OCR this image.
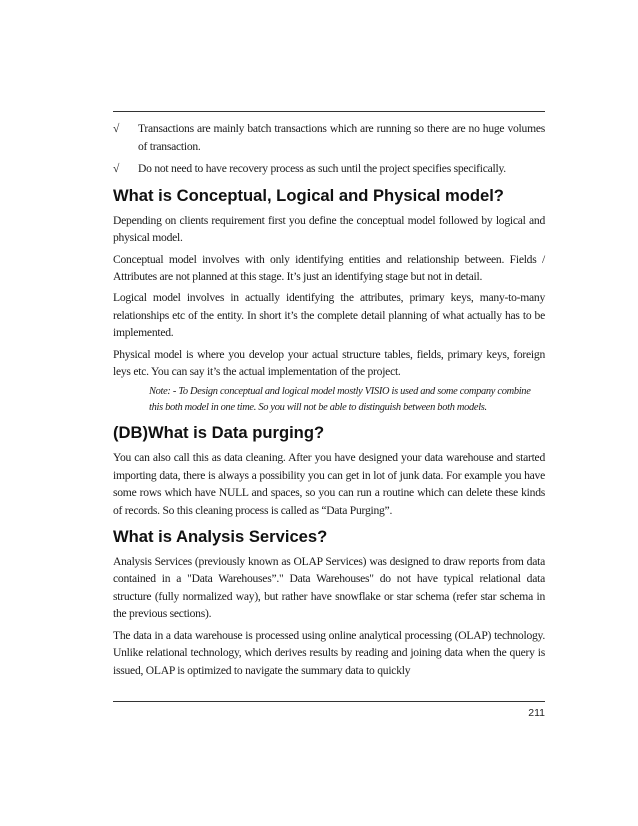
√ Transactions are mainly batch transactions which are running so there are no huge volumes of transaction.
√ Do not need to have recovery process as such until the project specifies specifically.
What is Conceptual, Logical and Physical model?

Depending on clients requirement first you define the conceptual model followed by logical and physical model.

Conceptual model involves with only identifying entities and relationship between. Fields / Attributes are not planned at this stage. It’s just an identifying stage but not in detail.

Logical model involves in actually identifying the attributes, primary keys, many-to-many relationships etc of the entity. In short it’s the complete detail planning of what actually has to be implemented.

Physical model is where you develop your actual structure tables, fields, primary keys, foreign leys etc. You can say it’s the actual implementation of the project.

Note: - To Design conceptual and logical model mostly VISIO is used and some company combine this both model in one time. So you will not be able to distinguish between both models.
(DB)What is Data purging?

You can also call this as data cleaning. After you have designed your data warehouse and started importing data, there is always a possibility you can get in lot of junk data. For example you have some rows which have NULL and spaces, so you can run a routine which can delete these kinds of records. So this cleaning process is called as “Data Purging”.

What is Analysis Services?

Analysis Services (previously known as OLAP Services) was designed to draw reports from data contained in a "Data Warehouses”." Data Warehouses" do not have typical relational data structure (fully normalized way), but rather have snowflake or star schema (refer star schema in the previous sections).

The data in a data warehouse is processed using online analytical processing (OLAP) technology. Unlike relational technology, which derives results by reading and joining data when the query is issued, OLAP is optimized to navigate the summary data to quickly

211
